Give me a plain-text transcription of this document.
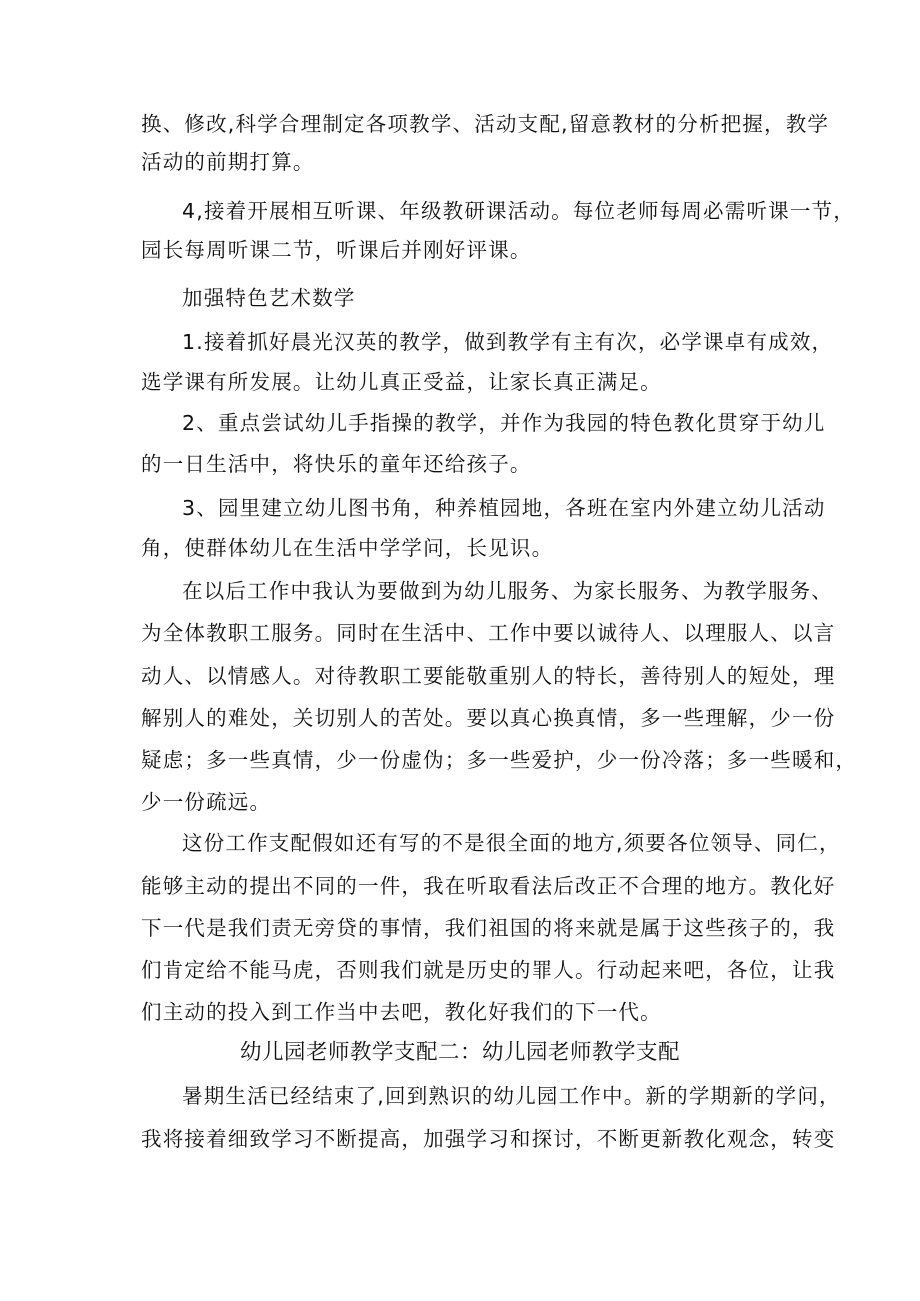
换、修改,科学合理制定各项教学、活动支配,留意教材的分析把握，教学
活动的前期打算。
4,接着开展相互听课、年级教研课活动。每位老师每周必需听课一节，
园长每周听课二节，听课后并刚好评课。
加强特色艺术数学
1.接着抓好晨光汉英的教学，做到教学有主有次，必学课卓有成效，
选学课有所发展。让幼儿真正受益，让家长真正满足。
2、重点尝试幼儿手指操的教学，并作为我园的特色教化贯穿于幼儿
的一日生活中，将快乐的童年还给孩子。
3、园里建立幼儿图书角，种养植园地，各班在室内外建立幼儿活动
角，使群体幼儿在生活中学学问，长见识。
在以后工作中我认为要做到为幼儿服务、为家长服务、为教学服务、
为全体教职工服务。同时在生活中、工作中要以诚待人、以理服人、以言
动人、以情感人。对待教职工要能敬重别人的特长，善待别人的短处，理
解别人的难处，关切别人的苦处。要以真心换真情，多一些理解，少一份
疑虑；多一些真情，少一份虚伪；多一些爱护，少一份冷落；多一些暖和，
少一份疏远。
这份工作支配假如还有写的不是很全面的地方,须要各位领导、同仁，
能够主动的提出不同的一件，我在听取看法后改正不合理的地方。教化好
下一代是我们责无旁贷的事情，我们祖国的将来就是属于这些孩子的，我
们肯定给不能马虎，否则我们就是历史的罪人。行动起来吧，各位，让我
们主动的投入到工作当中去吧，教化好我们的下一代。
幼儿园老师教学支配二：幼儿园老师教学支配
暑期生活已经结束了,回到熟识的幼儿园工作中。新的学期新的学问，
我将接着细致学习不断提高，加强学习和探讨，不断更新教化观念，转变
